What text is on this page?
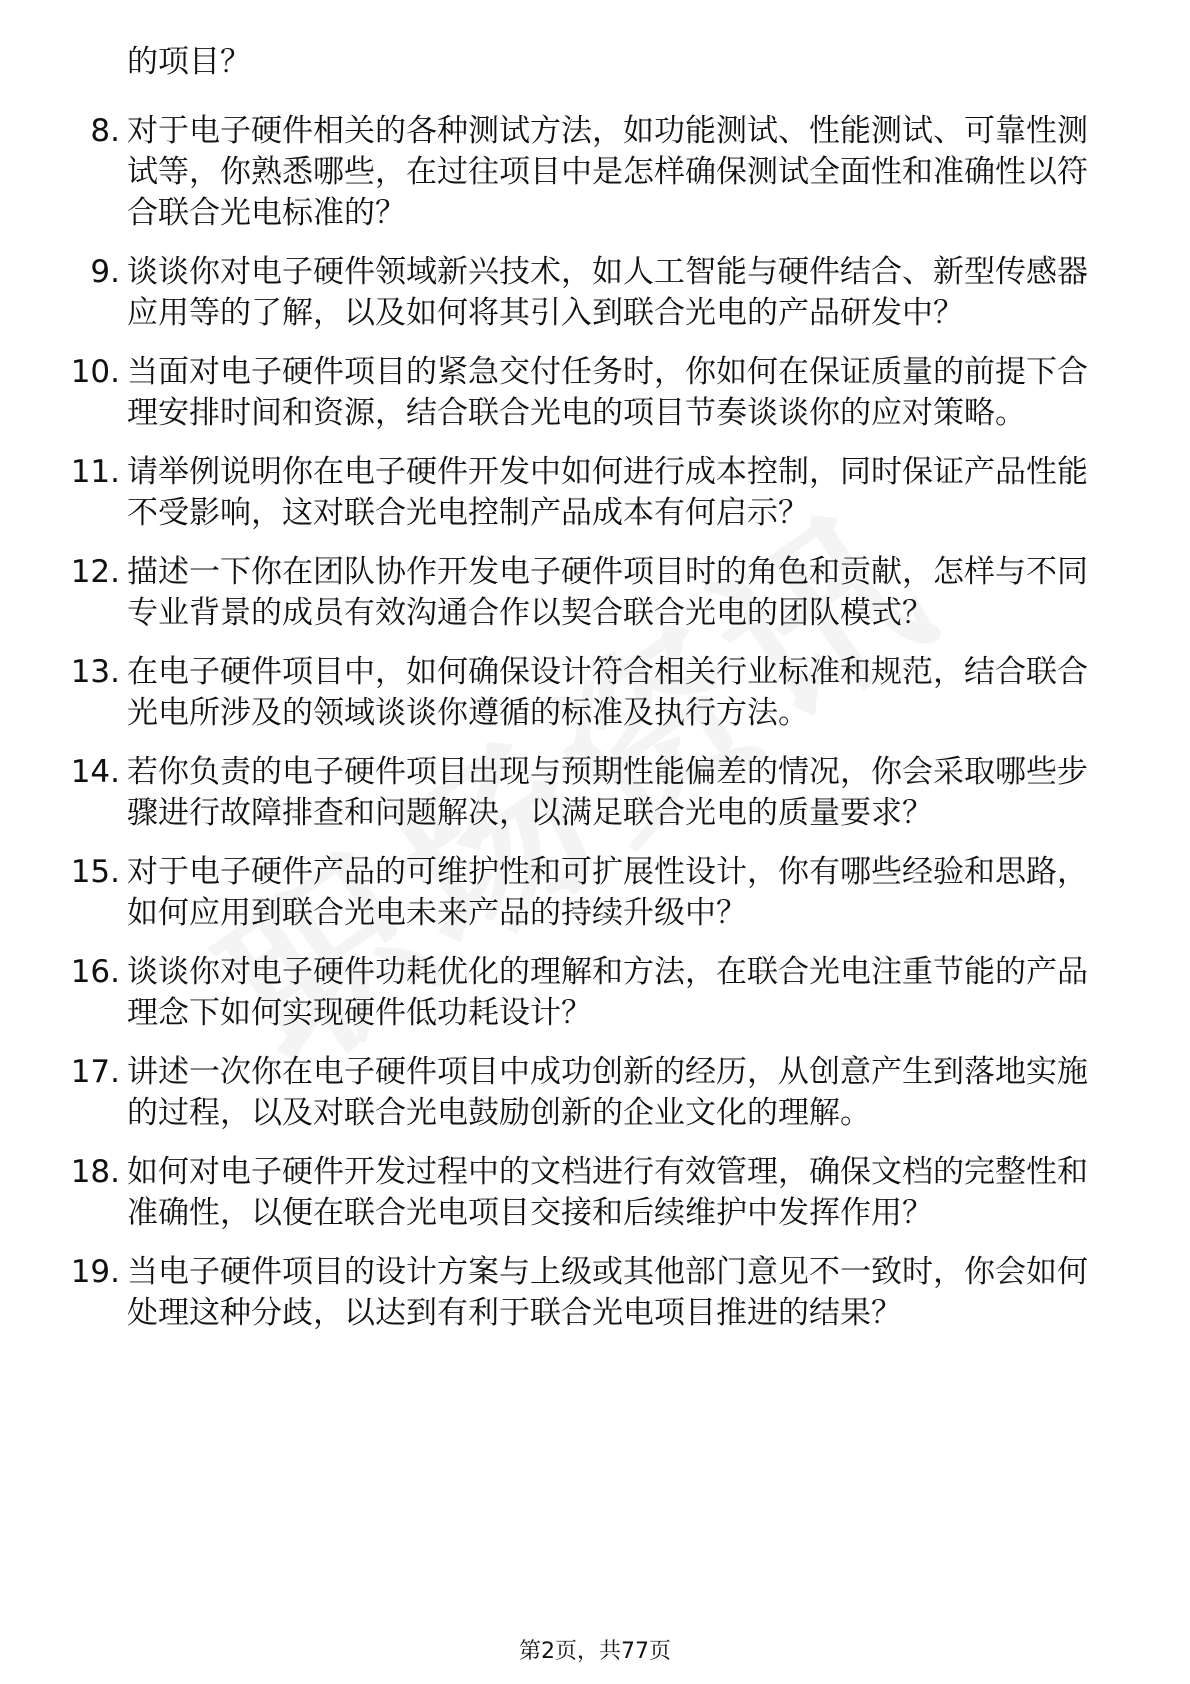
的项目？
8. 对于电子硬件相关的各种测试方法，如功能测试、性能测试、可靠性测试等，你熟悉哪些，在过往项目中是怎样确保测试全面性和准确性以符合联合光电标准的？
9. 谈谈你对电子硬件领域新兴技术，如人工智能与硬件结合、新型传感器应用等的了解，以及如何将其引入到联合光电的产品研发中？
10. 当面对电子硬件项目的紧急交付任务时，你如何在保证质量的前提下合理安排时间和资源，结合联合光电的项目节奏谈谈你的应对策略。
11. 请举例说明你在电子硬件开发中如何进行成本控制，同时保证产品性能不受影响，这对联合光电控制产品成本有何启示？
12. 描述一下你在团队协作开发电子硬件项目时的角色和贡献，怎样与不同专业背景的成员有效沟通合作以契合联合光电的团队模式？
13. 在电子硬件项目中，如何确保设计符合相关行业标准和规范，结合联合光电所涉及的领域谈谈你遵循的标准及执行方法。
14. 若你负责的电子硬件项目出现与预期性能偏差的情况，你会采取哪些步骤进行故障排查和问题解决，以满足联合光电的质量要求？
15. 对于电子硬件产品的可维护性和可扩展性设计，你有哪些经验和思路，如何应用到联合光电未来产品的持续升级中？
16. 谈谈你对电子硬件功耗优化的理解和方法，在联合光电注重节能的产品理念下如何实现硬件低功耗设计？
17. 讲述一次你在电子硬件项目中成功创新的经历，从创意产生到落地实施的过程，以及对联合光电鼓励创新的企业文化的理解。
18. 如何对电子硬件开发过程中的文档进行有效管理，确保文档的完整性和准确性，以便在联合光电项目交接和后续维护中发挥作用？
19. 当电子硬件项目的设计方案与上级或其他部门意见不一致时，你会如何处理这种分歧，以达到有利于联合光电项目推进的结果？
第2页，共77页
